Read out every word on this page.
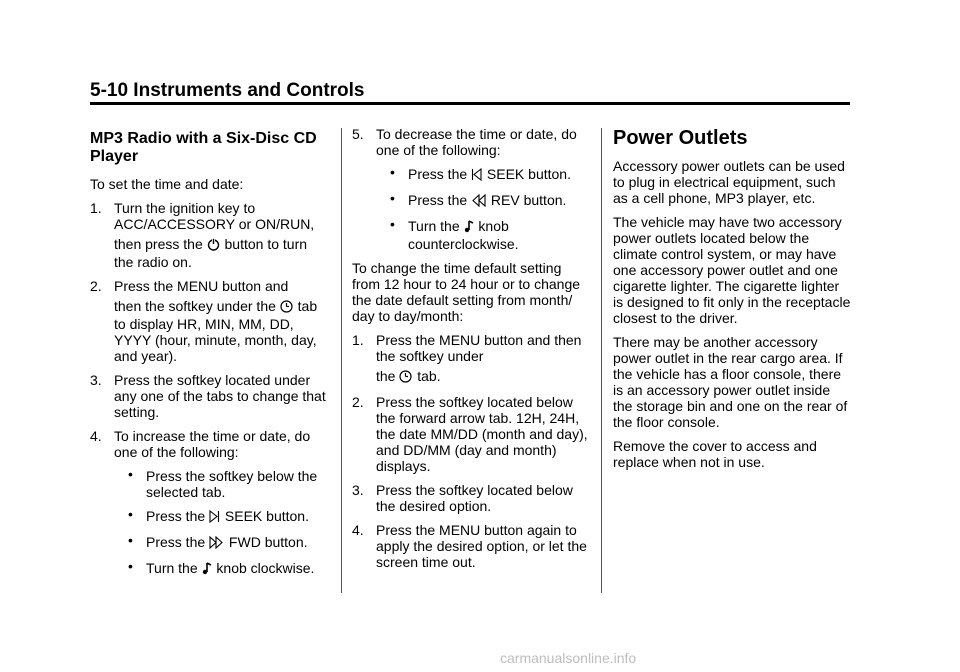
5-10 Instruments and Controls
MP3 Radio with a Six-Disc CD Player

To set the time and date:

1. Turn the ignition key to ACC/ACCESSORY or ON/RUN,
then press the button to turn the radio on.
2. Press the MENU button and
then the softkey under the tab to display HR, MIN, MM, DD, YYYY (hour, minute, month, day, and year).
3. Press the softkey located under any one of the tabs to change that setting.
4. To increase the time or date, do one of the following:
• Press the softkey below the selected tab.
• Press the SEEK button.
• Press the FWD button.
• Turn the knob clockwise.
5. To decrease the time or date, do one of the following:
• Press the SEEK button.
• Press the REV button.
• Turn the knob counterclockwise.

To change the time default setting from 12 hour to 24 hour or to change the date default setting from month/ day to day/month:

1. Press the MENU button and then the softkey under
the tab.
2. Press the softkey located below the forward arrow tab. 12H, 24H, the date MM/DD (month and day), and DD/MM (day and month) displays.
3. Press the softkey located below the desired option.
4. Press the MENU button again to apply the desired option, or let the screen time out.
Power Outlets

Accessory power outlets can be used to plug in electrical equipment, such as a cell phone, MP3 player, etc.

The vehicle may have two accessory power outlets located below the climate control system, or may have one accessory power outlet and one cigarette lighter. The cigarette lighter is designed to fit only in the receptacle closest to the driver.

There may be another accessory power outlet in the rear cargo area. If the vehicle has a floor console, there is an accessory power outlet inside the storage bin and one on the rear of the floor console.

Remove the cover to access and replace when not in use.

carmanualsonline.info
